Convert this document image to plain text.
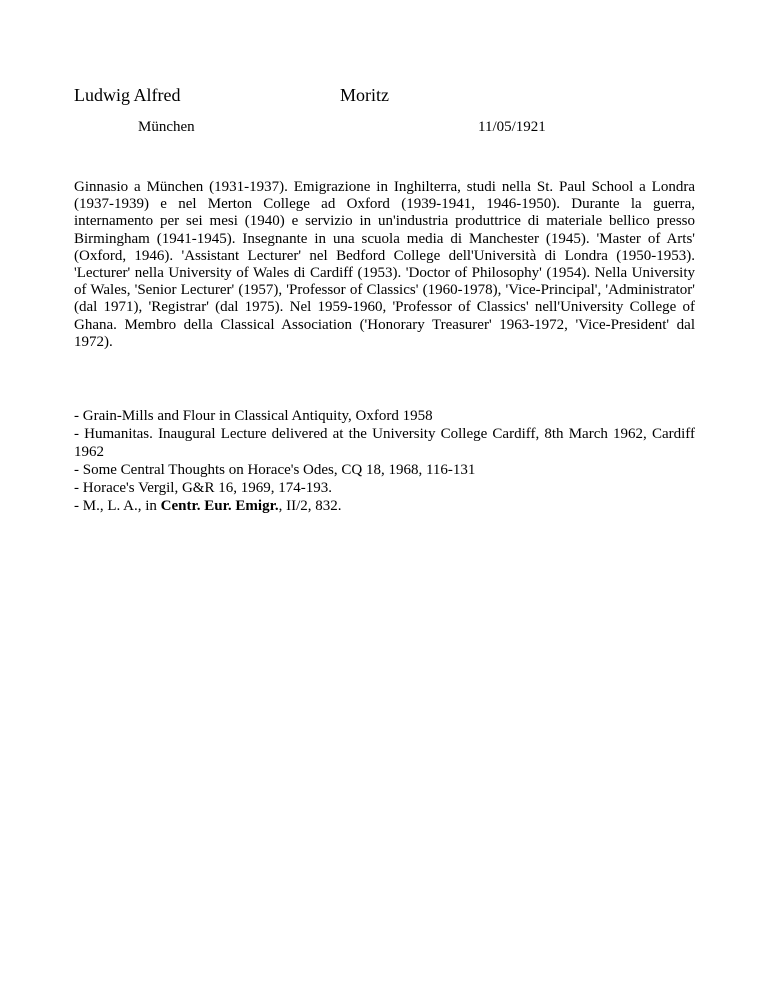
Ludwig Alfred	Moritz
München	11/05/1921

Ginnasio a München (1931-1937). Emigrazione in Inghilterra, studi nella St. Paul School a Londra (1937-1939) e nel Merton College ad Oxford (1939-1941, 1946-1950). Durante la guerra, internamento per sei mesi (1940) e servizio in un'industria produttrice di materiale bellico presso Birmingham (1941-1945). Insegnante in una scuola media di Manchester (1945). 'Master of Arts' (Oxford, 1946). 'Assistant Lecturer' nel Bedford College dell'Università di Londra (1950-1953). 'Lecturer' nella University of Wales di Cardiff (1953). 'Doctor of Philosophy' (1954). Nella University of Wales, 'Senior Lecturer' (1957), 'Professor of Classics' (1960-1978), 'Vice-Principal', 'Administrator' (dal 1971), 'Registrar' (dal 1975). Nel 1959-1960, 'Professor of Classics' nell'University College of Ghana. Membro della Classical Association ('Honorary Treasurer' 1963-1972, 'Vice-President' dal 1972).

- Grain-Mills and Flour in Classical Antiquity, Oxford 1958
- Humanitas. Inaugural Lecture delivered at the University College Cardiff, 8th March 1962, Cardiff 1962
- Some Central Thoughts on Horace's Odes, CQ 18, 1968, 116-131
- Horace's Vergil, G&R 16, 1969, 174-193.

- M., L. A., in Centr. Eur. Emigr., II/2, 832.
